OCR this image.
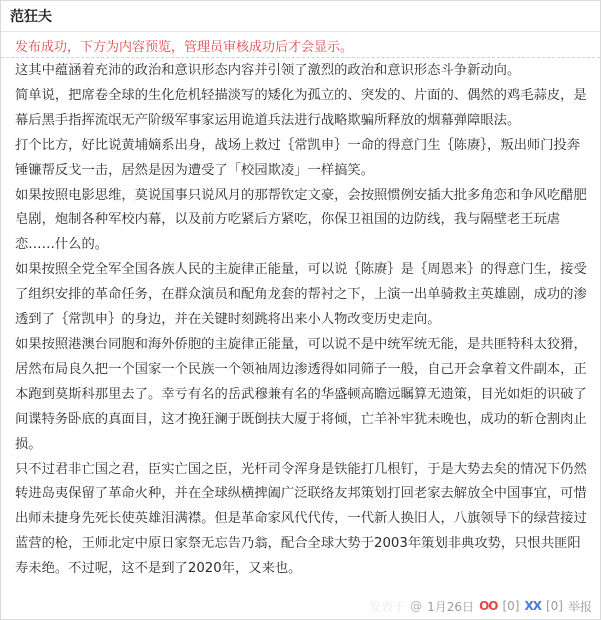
范狂夫
发布成功，下方为内容预览，管理员审核成功后才会显示。

这其中蕴涵着充沛的政治和意识形态内容并引领了激烈的政治和意识形态斗争新动向。

简单说，把席卷全球的生化危机轻描淡写的矮化为孤立的、突发的、片面的、偶然的鸡毛蒜皮，是幕后黑手指挥流氓无产阶级军事家运用诡道兵法进行战略欺骗所释放的烟幕弹障眼法。

打个比方，好比说黄埔嫡系出身，战场上救过｛常凯申｝一命的得意门生｛陈赓｝，叛出师门投奔锤镰帮反戈一击，居然是因为遭受了「校园欺凌」一样搞笑。

如果按照电影思维，莫说国事只说风月的那帮钦定文豪，会按照惯例安插大批多角恋和争风吃醋肥皂剧，炮制各种军校内幕，以及前方吃紧后方紧吃，你保卫祖国的边防线，我与隔壁老王玩虐恋……什么的。

如果按照全党全军全国各族人民的主旋律正能量，可以说｛陈赓｝是｛周恩来｝的得意门生，接受了组织安排的革命任务，在群众演员和配角龙套的帮衬之下，上演一出单骑救主英雄剧，成功的渗透到了｛常凯申｝的身边，并在关键时刻跳将出来小人物改变历史走向。

如果按照港澳台同胞和海外侨胞的主旋律正能量，可以说不是中统军统无能，是共匪特科太狡猾，居然布局良久把一个国家一个民族一个领袖周边渗透得如同筛子一般，自己开会拿着文件副本，正本跑到莫斯科那里去了。幸亏有名的岳武穆兼有名的华盛顿高瞻远瞩算无遗策，目光如炬的识破了间谍特务卧底的真面目，这才挽狂澜于既倒扶大厦于将倾，亡羊补牢犹未晚也，成功的斩仓割肉止损。

只不过君非亡国之君，臣实亡国之臣，光杆司令浑身是铁能打几根钉，于是大势去矣的情况下仍然转进岛夷保留了革命火种，并在全球纵横捭阖广泛联络友邦策划打回老家去解放全中国事宜，可惜出师未捷身先死长使英雄泪满襟。但是革命家风代代传，一代新人换旧人，八旗领导下的绿营接过蓝营的枪，王师北定中原日家祭无忘告乃翁，配合全球大势于2003年策划非典攻势，只恨共匪阳寿未绝。不过呢，这不是到了2020年，又来也。

发表于 @ 1月26日 OO [0] XX [0] 举报
